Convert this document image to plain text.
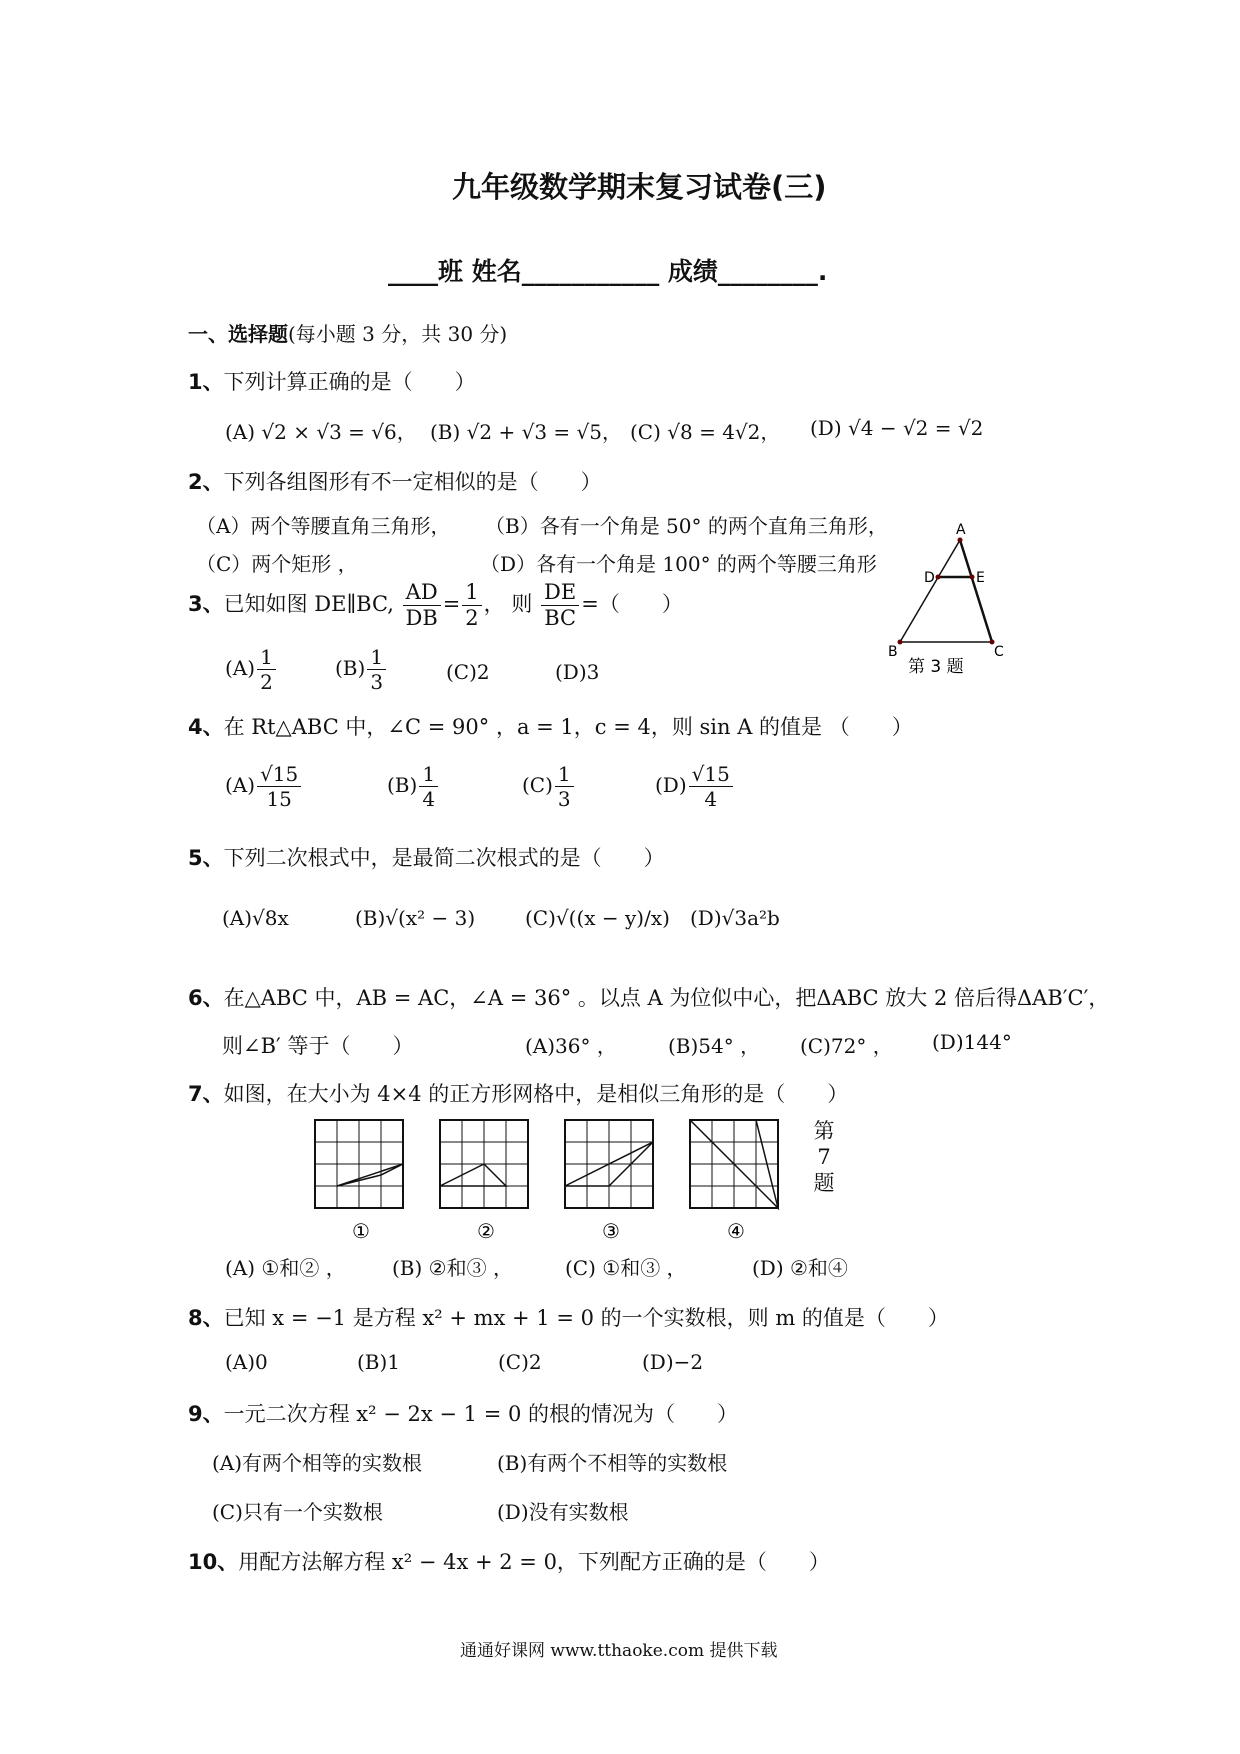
九年级数学期末复习试卷(三)
____班 姓名___________ 成绩________.
一、选择题(每小题 3 分，共 30 分)
1、下列计算正确的是（　　）
(A) √2 × √3 = √6， (B) √2 + √3 = √5， (C) √8 = 4√2， (D) √4 − √2 = √2
2、下列各组图形有不一定相似的是（　　）
（A）两个等腰直角三角形， （B）各有一个角是 50° 的两个直角三角形，
（C）两个矩形 ，	（D）各有一个角是 100° 的两个等腰三角形
3、已知如图 DE∥BC, $\frac{AD}{DB} = \frac{1}{2}$ ， 则 $\frac{DE}{BC}$ =（　　）
$(A) \frac{1}{2}$	$(B) \frac{1}{3}$	(C)2	(D)3
A
D	E
B	C
第 3 题
4、在 Rt△ABC 中，∠C = 90° ，a = 1，c = 4，则 sin A 的值是 （　　）
$(A) \frac{√15}{15}$	$(B) \frac{1}{4}$	$(C) \frac{1}{3}$	$(D) \frac{√15}{4}$
5、下列二次根式中，是最简二次根式的是（　　）
(A)√8x	(B)√(x² − 3) (C)√((x − y)/x) (D)√3a²b
6、在△ABC 中，AB = AC，∠A = 36° 。以点 A 为位似中心，把ΔABC 放大 2 倍后得ΔAB′C′，
则∠B′ 等于（　　）	(A)36° ，	(B)54° ， (C)72° ， (D)144°
7、如图，在大小为 4×4 的正方形网格中，是相似三角形的是（　　）
①	②	③	④
第 7 题
(A) ①和② ， (B) ②和③ ，	(C) ①和③ ，	(D) ②和④
8、已知 x = −1 是方程 x² + mx + 1 = 0 的一个实数根，则 m 的值是（　　）
(A)0	(B)1	(C)2	(D)−2
9、一元二次方程 x² − 2x − 1 = 0 的根的情况为（　　）
(A)有两个相等的实数根	(B)有两个不相等的实数根
(C)只有一个实数根	(D)没有实数根
10、用配方法解方程 x² − 4x + 2 = 0，下列配方正确的是（　　）
通通好课网 www.tthaoke.com 提供下载
